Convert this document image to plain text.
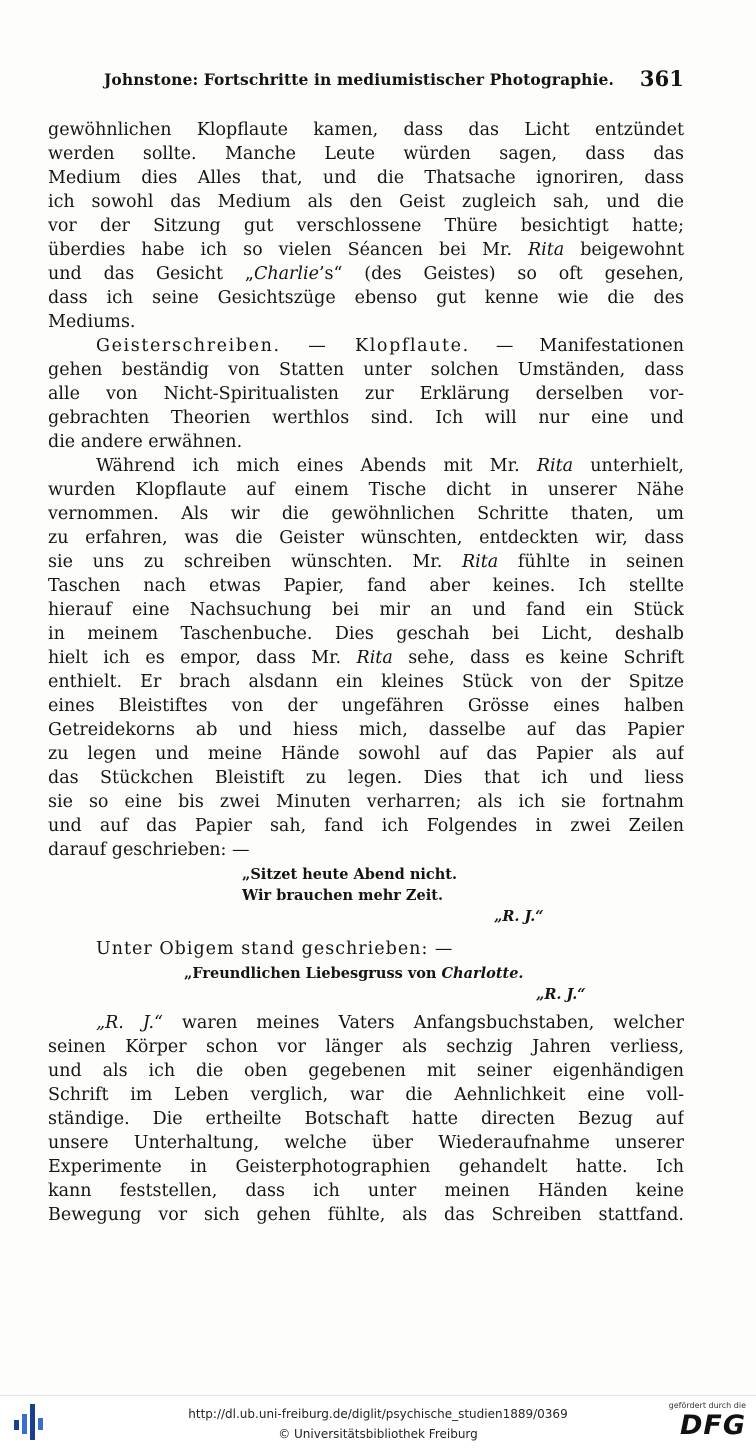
Johnstone: Fortschritte in mediumistischer Photographie. 361
gewöhnlichen Klopflaute kamen, dass das Licht entzündet
werden sollte. Manche Leute würden sagen, dass das
Medium dies Alles that, und die Thatsache ignoriren, dass
ich sowohl das Medium als den Geist zugleich sah, und die
vor der Sitzung gut verschlossene Thüre besichtigt hatte;
überdies habe ich so vielen Séancen bei Mr. Rita beigewohnt
und das Gesicht „Charlie’s“ (des Geistes) so oft gesehen,
dass ich seine Gesichtszüge ebenso gut kenne wie die des
Mediums.
Geisterschreiben. — Klopflaute. — Manifestationen
gehen beständig von Statten unter solchen Umständen, dass
alle von Nicht-Spiritualisten zur Erklärung derselben vor-
gebrachten Theorien werthlos sind. Ich will nur eine und
die andere erwähnen.
Während ich mich eines Abends mit Mr. Rita unterhielt,
wurden Klopflaute auf einem Tische dicht in unserer Nähe
vernommen. Als wir die gewöhnlichen Schritte thaten, um
zu erfahren, was die Geister wünschten, entdeckten wir, dass
sie uns zu schreiben wünschten. Mr. Rita fühlte in seinen
Taschen nach etwas Papier, fand aber keines. Ich stellte
hierauf eine Nachsuchung bei mir an und fand ein Stück
in meinem Taschenbuche. Dies geschah bei Licht, deshalb
hielt ich es empor, dass Mr. Rita sehe, dass es keine Schrift
enthielt. Er brach alsdann ein kleines Stück von der Spitze
eines Bleistiftes von der ungefähren Grösse eines halben
Getreidekorns ab und hiess mich, dasselbe auf das Papier
zu legen und meine Hände sowohl auf das Papier als auf
das Stückchen Bleistift zu legen. Dies that ich und liess
sie so eine bis zwei Minuten verharren; als ich sie fortnahm
und auf das Papier sah, fand ich Folgendes in zwei Zeilen
darauf geschrieben: —
„Sitzet heute Abend nicht.
Wir brauchen mehr Zeit.
„R. J.“
Unter Obigem stand geschrieben: —
„Freundlichen Liebesgruss von Charlotte.
„R. J.“
„R. J.“ waren meines Vaters Anfangsbuchstaben, welcher
seinen Körper schon vor länger als sechzig Jahren verliess,
und als ich die oben gegebenen mit seiner eigenhändigen
Schrift im Leben verglich, war die Aehnlichkeit eine voll-
ständige. Die ertheilte Botschaft hatte directen Bezug auf
unsere Unterhaltung, welche über Wiederaufnahme unserer
Experimente in Geisterphotographien gehandelt hatte. Ich
kann feststellen, dass ich unter meinen Händen keine
Bewegung vor sich gehen fühlte, als das Schreiben stattfand.
http://dl.ub.uni-freiburg.de/diglit/psychische_studien1889/0369
© Universitätsbibliothek Freiburg
gefördert durch die
DFG
